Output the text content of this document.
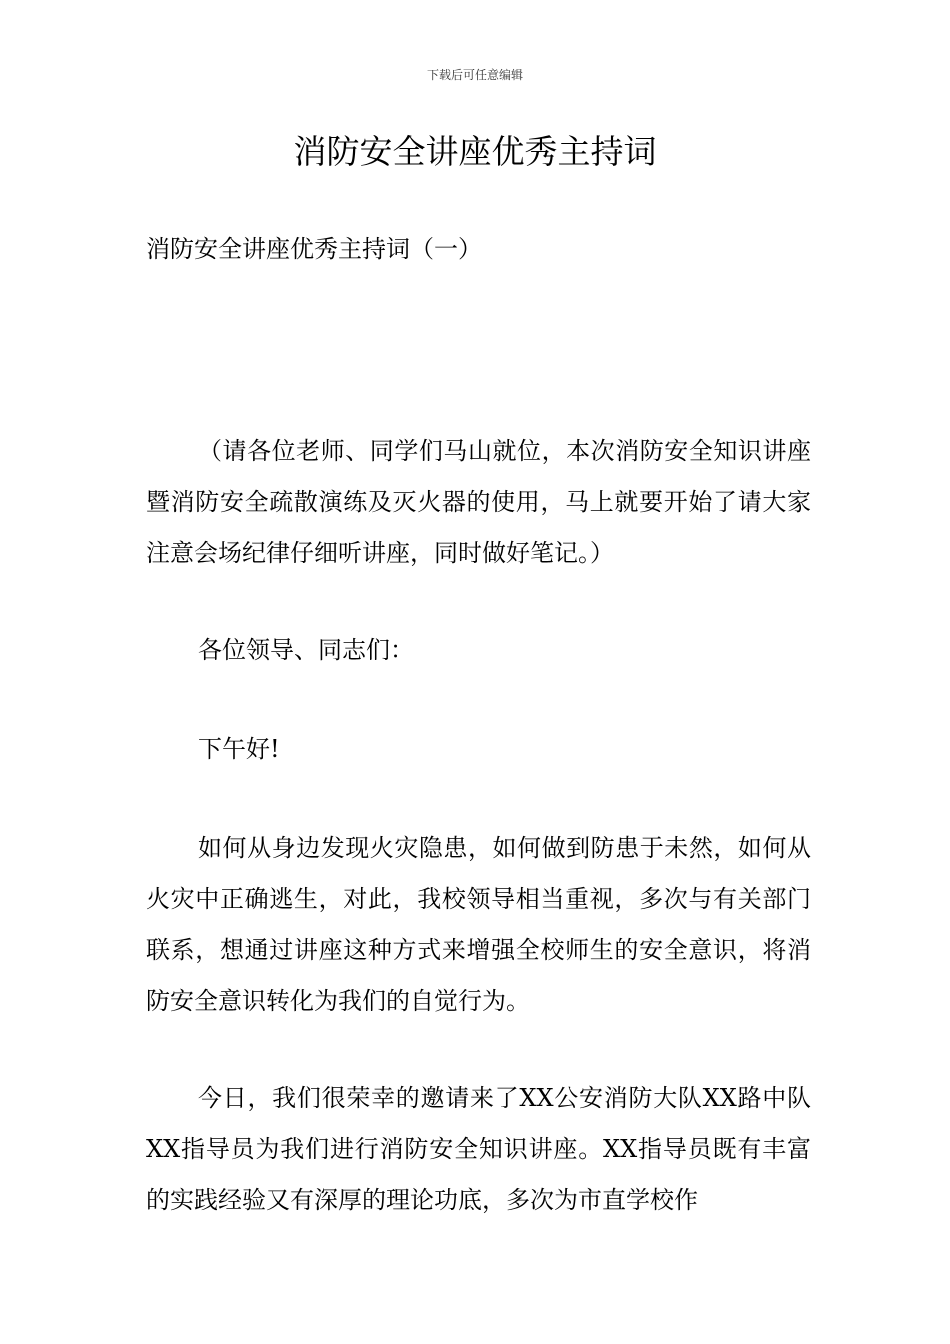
下载后可任意编辑
消防安全讲座优秀主持词
消防安全讲座优秀主持词（一）

（请各位老师、同学们马山就位，本次消防安全知识讲座暨消防安全疏散演练及灭火器的使用，马上就要开始了请大家注意会场纪律仔细听讲座，同时做好笔记。）

各位领导、同志们：

下午好!

如何从身边发现火灾隐患，如何做到防患于未然，如何从火灾中正确逃生，对此，我校领导相当重视，多次与有关部门联系，想通过讲座这种方式来增强全校师生的安全意识，将消防安全意识转化为我们的自觉行为。

今日，我们很荣幸的邀请来了XX公安消防大队XX路中队XX指导员为我们进行消防安全知识讲座。XX指导员既有丰富的实践经验又有深厚的理论功底，多次为市直学校作
